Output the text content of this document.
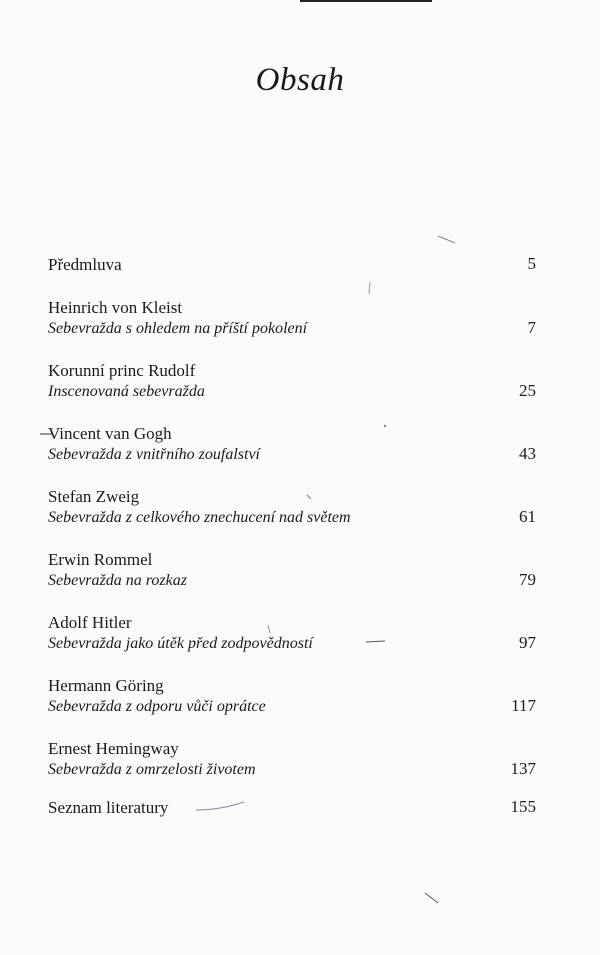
Obsah
Předmluva	5
Heinrich von Kleist
Sebevražda s ohledem na příští pokolení	7
Korunní princ Rudolf
Inscenovaná sebevražda	25
Vincent van Gogh
Sebevražda z vnitřního zoufalství	43
Stefan Zweig
Sebevražda z celkového znechucení nad světem	61
Erwin Rommel
Sebevražda na rozkaz	79
Adolf Hitler
Sebevražda jako útěk před zodpovědností	97
Hermann Göring
Sebevražda z odporu vůči oprátce	117
Ernest Hemingway
Sebevražda z omrzelosti životem	137
Seznam literatury	155
